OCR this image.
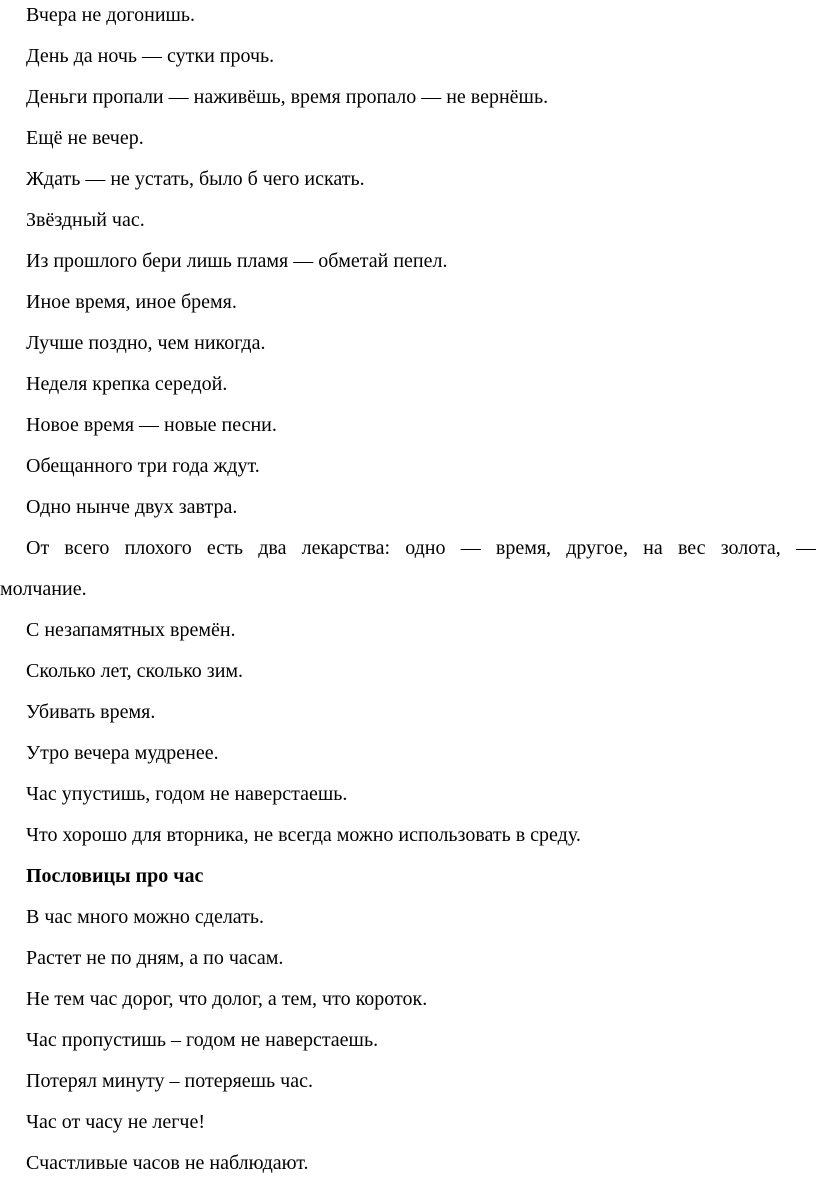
Вчера не догонишь.
День да ночь — сутки прочь.
Деньги пропали — наживёшь, время пропало — не вернёшь.
Ещё не вечер.
Ждать — не устать, было б чего искать.
Звёздный час.
Из прошлого бери лишь пламя — обметай пепел.
Иное время, иное бремя.
Лучше поздно, чем никогда.
Неделя крепка середой.
Новое время — новые песни.
Обещанного три года ждут.
Одно нынче двух завтра.
От всего плохого есть два лекарства: одно — время, другое, на вес золота, —
молчание.
С незапамятных времён.
Сколько лет, сколько зим.
Убивать время.
Утро вечера мудренее.
Час упустишь, годом не наверстаешь.
Что хорошо для вторника, не всегда можно использовать в среду.
Пословицы про час
В час много можно сделать.
Растет не по дням, а по часам.
Не тем час дорог, что долог, а тем, что короток.
Час пропустишь – годом не наверстаешь.
Потерял минуту – потеряешь час.
Час от часу не легче!
Счастливые часов не наблюдают.
